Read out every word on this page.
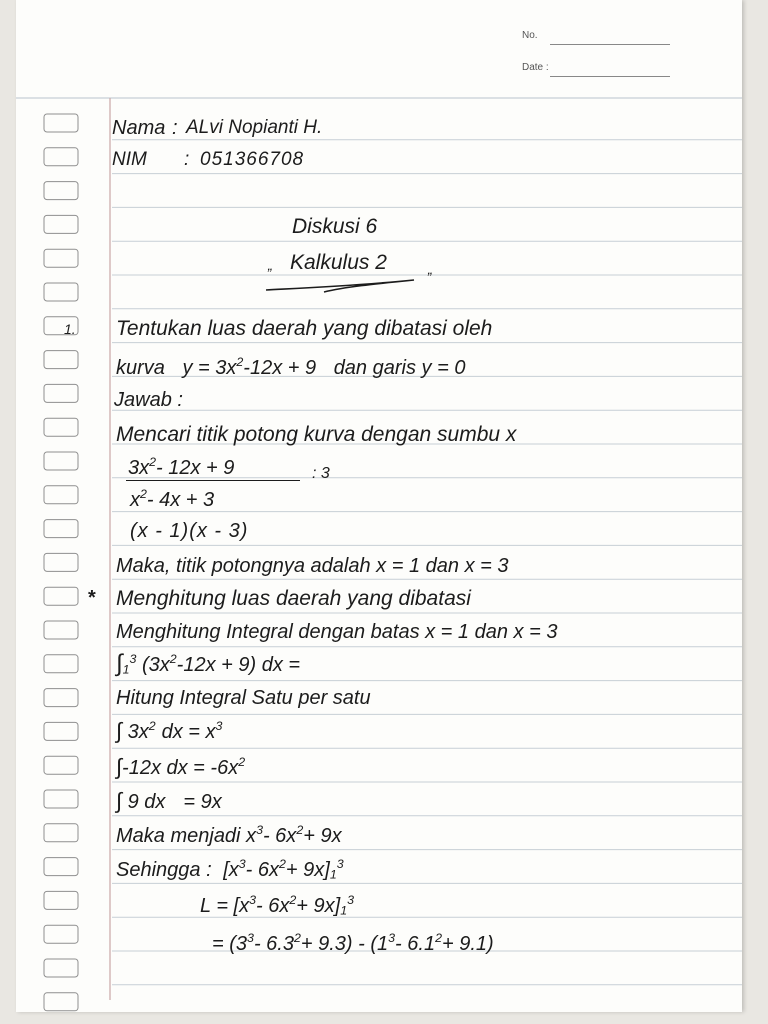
No.
Date :
Nama : ALvi Nopianti H.
NIM : 051366708
Diskusi 6
„ Kalkulus 2	„
1. Tentukan luas daerah yang dibatasi oleh
kurva $y = 3x^2-12x + 9$ dan garis y = 0
Jawab :
Mencari titik potong kurva dengan sumbu x
$3x^2-$ 12x + 9	: 3
$x^2-$ 4x + 3
(x - 1)(x - 3)
Maka, titik potongnya adalah x = 1 dan x = 3
* Menghitung luas daerah yang dibatasi
Menghitung Integral dengan batas x = 1 dan x = 3
$\int 1^3$ $(3x^2-12x + 9)$ dx =
Hitung Integral Satu per satu
∫ $3x^2$ dx = $x^3$
∫-12x dx = $-6x^2$
∫ 9 dx = 9x
Maka menjadi $x^3-$ $6x^2+ 9x$
Sehingga : [$x^3-$ $6x^2+ 9x]1^3$
$L = [x^3-$ $6x^2+ 9x]1^3$
= ($3^3-$ $6.3^2+ 9.3) - (1^3-$ $6.1^2+ 9.1$)
